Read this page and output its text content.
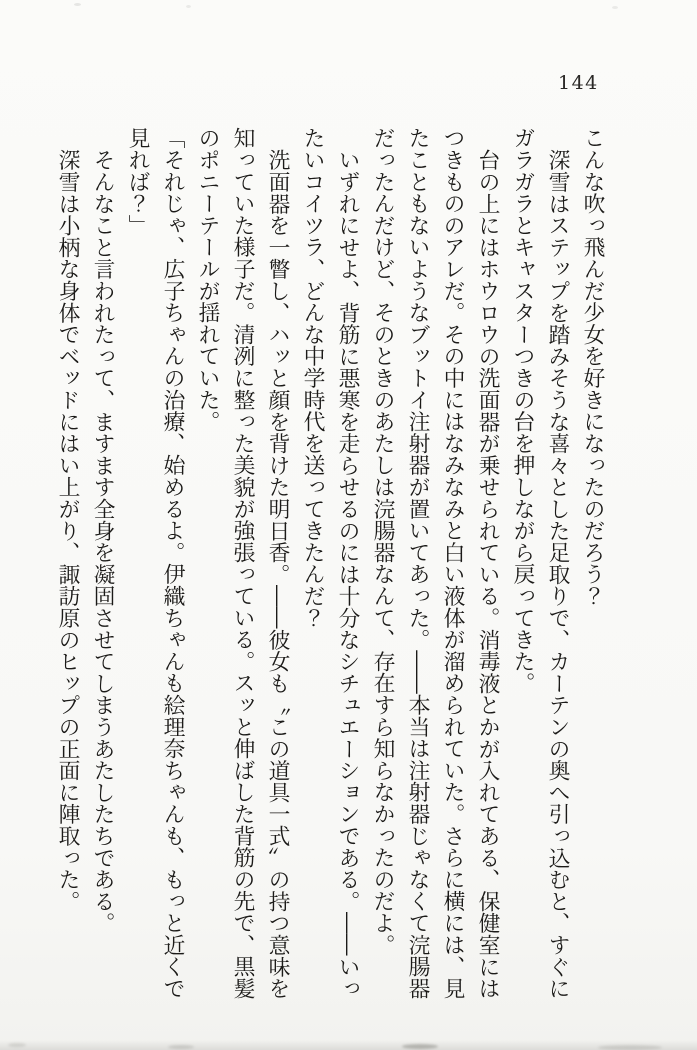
144

こんな吹っ飛んだ少女を好きになったのだろう？

深雪はステップを踏みそうな喜々とした足取りで、カーテンの奥へ引っ込むと、すぐにガラガラとキャスターつきの台を押しながら戻ってきた。

台の上にはホウロウの洗面器が乗せられている。消毒液とかが入れてある、保健室にはつきもののアレだ。その中にはなみなみと白い液体が溜められていた。さらに横には、見たこともないようなブットイ注射器が置いてあった。――本当は注射器じゃなくて浣腸器だったんだけど、そのときのあたしは浣腸器なんて、存在すら知らなかったのだよ。

いずれにせよ、背筋に悪寒を走らせるのには十分なシチュエーションである。――いったいコイツラ、どんな中学時代を送ってきたんだ？

洗面器を一瞥し、ハッと顔を背けた明日香。――彼女も〝この道具一式〟の持つ意味を知っていた様子だ。清冽に整った美貌が強張っている。スッと伸ばした背筋の先で、黒髪のポニーテールが揺れていた。

「それじゃ、広子ちゃんの治療、始めるよ。伊織ちゃんも絵理奈ちゃんも、もっと近くで見れば？」

そんなこと言われたって、ますます全身を凝固させてしまうあたしたちである。

深雪は小柄な身体でベッドにはい上がり、諏訪原のヒップの正面に陣取った。
